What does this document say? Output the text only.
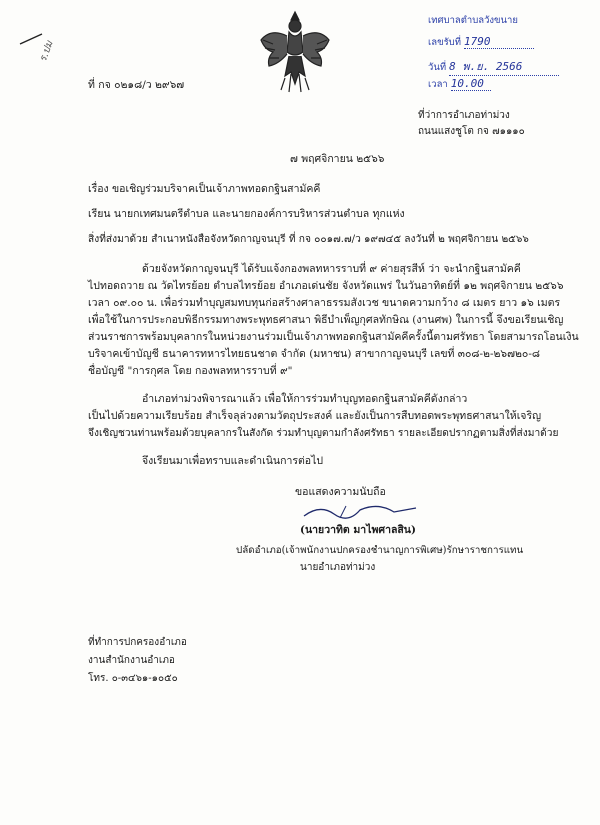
เทศบาลตำบลวังขนาย
เลขรับที่ 1790
วันที่ 8 พ.ย. 2566
เวลา 10.00
ร.ปม
ที่ กจ ๐๒๑๘/ว ๒๙๖๗
ที่ว่าการอำเภอท่าม่วง
ถนนแสงชูโต กจ ๗๑๑๑๐
๗ พฤศจิกายน ๒๕๖๖
เรื่อง ขอเชิญร่วมบริจาคเป็นเจ้าภาพทอดกฐินสามัคคี
เรียน นายกเทศมนตรีตำบล และนายกองค์การบริหารส่วนตำบล ทุกแห่ง
สิ่งที่ส่งมาด้วย สำเนาหนังสือจังหวัดกาญจนบุรี ที่ กจ ๐๐๑๗.๗/ว ๑๙๗๔๕ ลงวันที่ ๒ พฤศจิกายน ๒๕๖๖
ด้วยจังหวัดกาญจนบุรี ได้รับแจ้งกองพลทหารราบที่ ๙ ค่ายสุรสีห์ ว่า จะนำกฐินสามัคคี
ไปทอดถวาย ณ วัดไทรย้อย ตำบลไทรย้อย อำเภอเด่นชัย จังหวัดแพร่ ในวันอาทิตย์ที่ ๑๒ พฤศจิกายน ๒๕๖๖
เวลา ๐๙.๐๐ น. เพื่อร่วมทำบุญสมทบทุนก่อสร้างศาลาธรรมสังเวช ขนาดความกว้าง ๘ เมตร ยาว ๑๖ เมตร
เพื่อใช้ในการประกอบพิธีกรรมทางพระพุทธศาสนา พิธีบำเพ็ญกุศลทักษิณ (งานศพ) ในการนี้ จึงขอเรียนเชิญ
ส่วนราชการพร้อมบุคลากรในหน่วยงานร่วมเป็นเจ้าภาพทอดกฐินสามัคคีครั้งนี้ตามศรัทธา โดยสามารถโอนเงิน
บริจาคเข้าบัญชี ธนาคารทหารไทยธนชาต จำกัด (มหาชน) สาขากาญจนบุรี เลขที่ ๓๐๘-๒-๒๖๗๒๐-๘
ชื่อบัญชี "การกุศล โดย กองพลทหารราบที่ ๙"
อำเภอท่าม่วงพิจารณาแล้ว เพื่อให้การร่วมทำบุญทอดกฐินสามัคคีดังกล่าว
เป็นไปด้วยความเรียบร้อย สำเร็จลุล่วงตามวัตถุประสงค์ และยังเป็นการสืบทอดพระพุทธศาสนาให้เจริญ
จึงเชิญชวนท่านพร้อมด้วยบุคลากรในสังกัด ร่วมทำบุญตามกำลังศรัทธา รายละเอียดปรากฏตามสิ่งที่ส่งมาด้วย
จึงเรียนมาเพื่อทราบและดำเนินการต่อไป
ขอแสดงความนับถือ
(นายวาทิต มาไพศาลสิน)
ปลัดอำเภอ(เจ้าพนักงานปกครองชำนาญการพิเศษ)รักษาราชการแทน
นายอำเภอท่าม่วง
ที่ทำการปกครองอำเภอ
งานสำนักงานอำเภอ
โทร. ๐-๓๔๖๑-๑๐๕๐
